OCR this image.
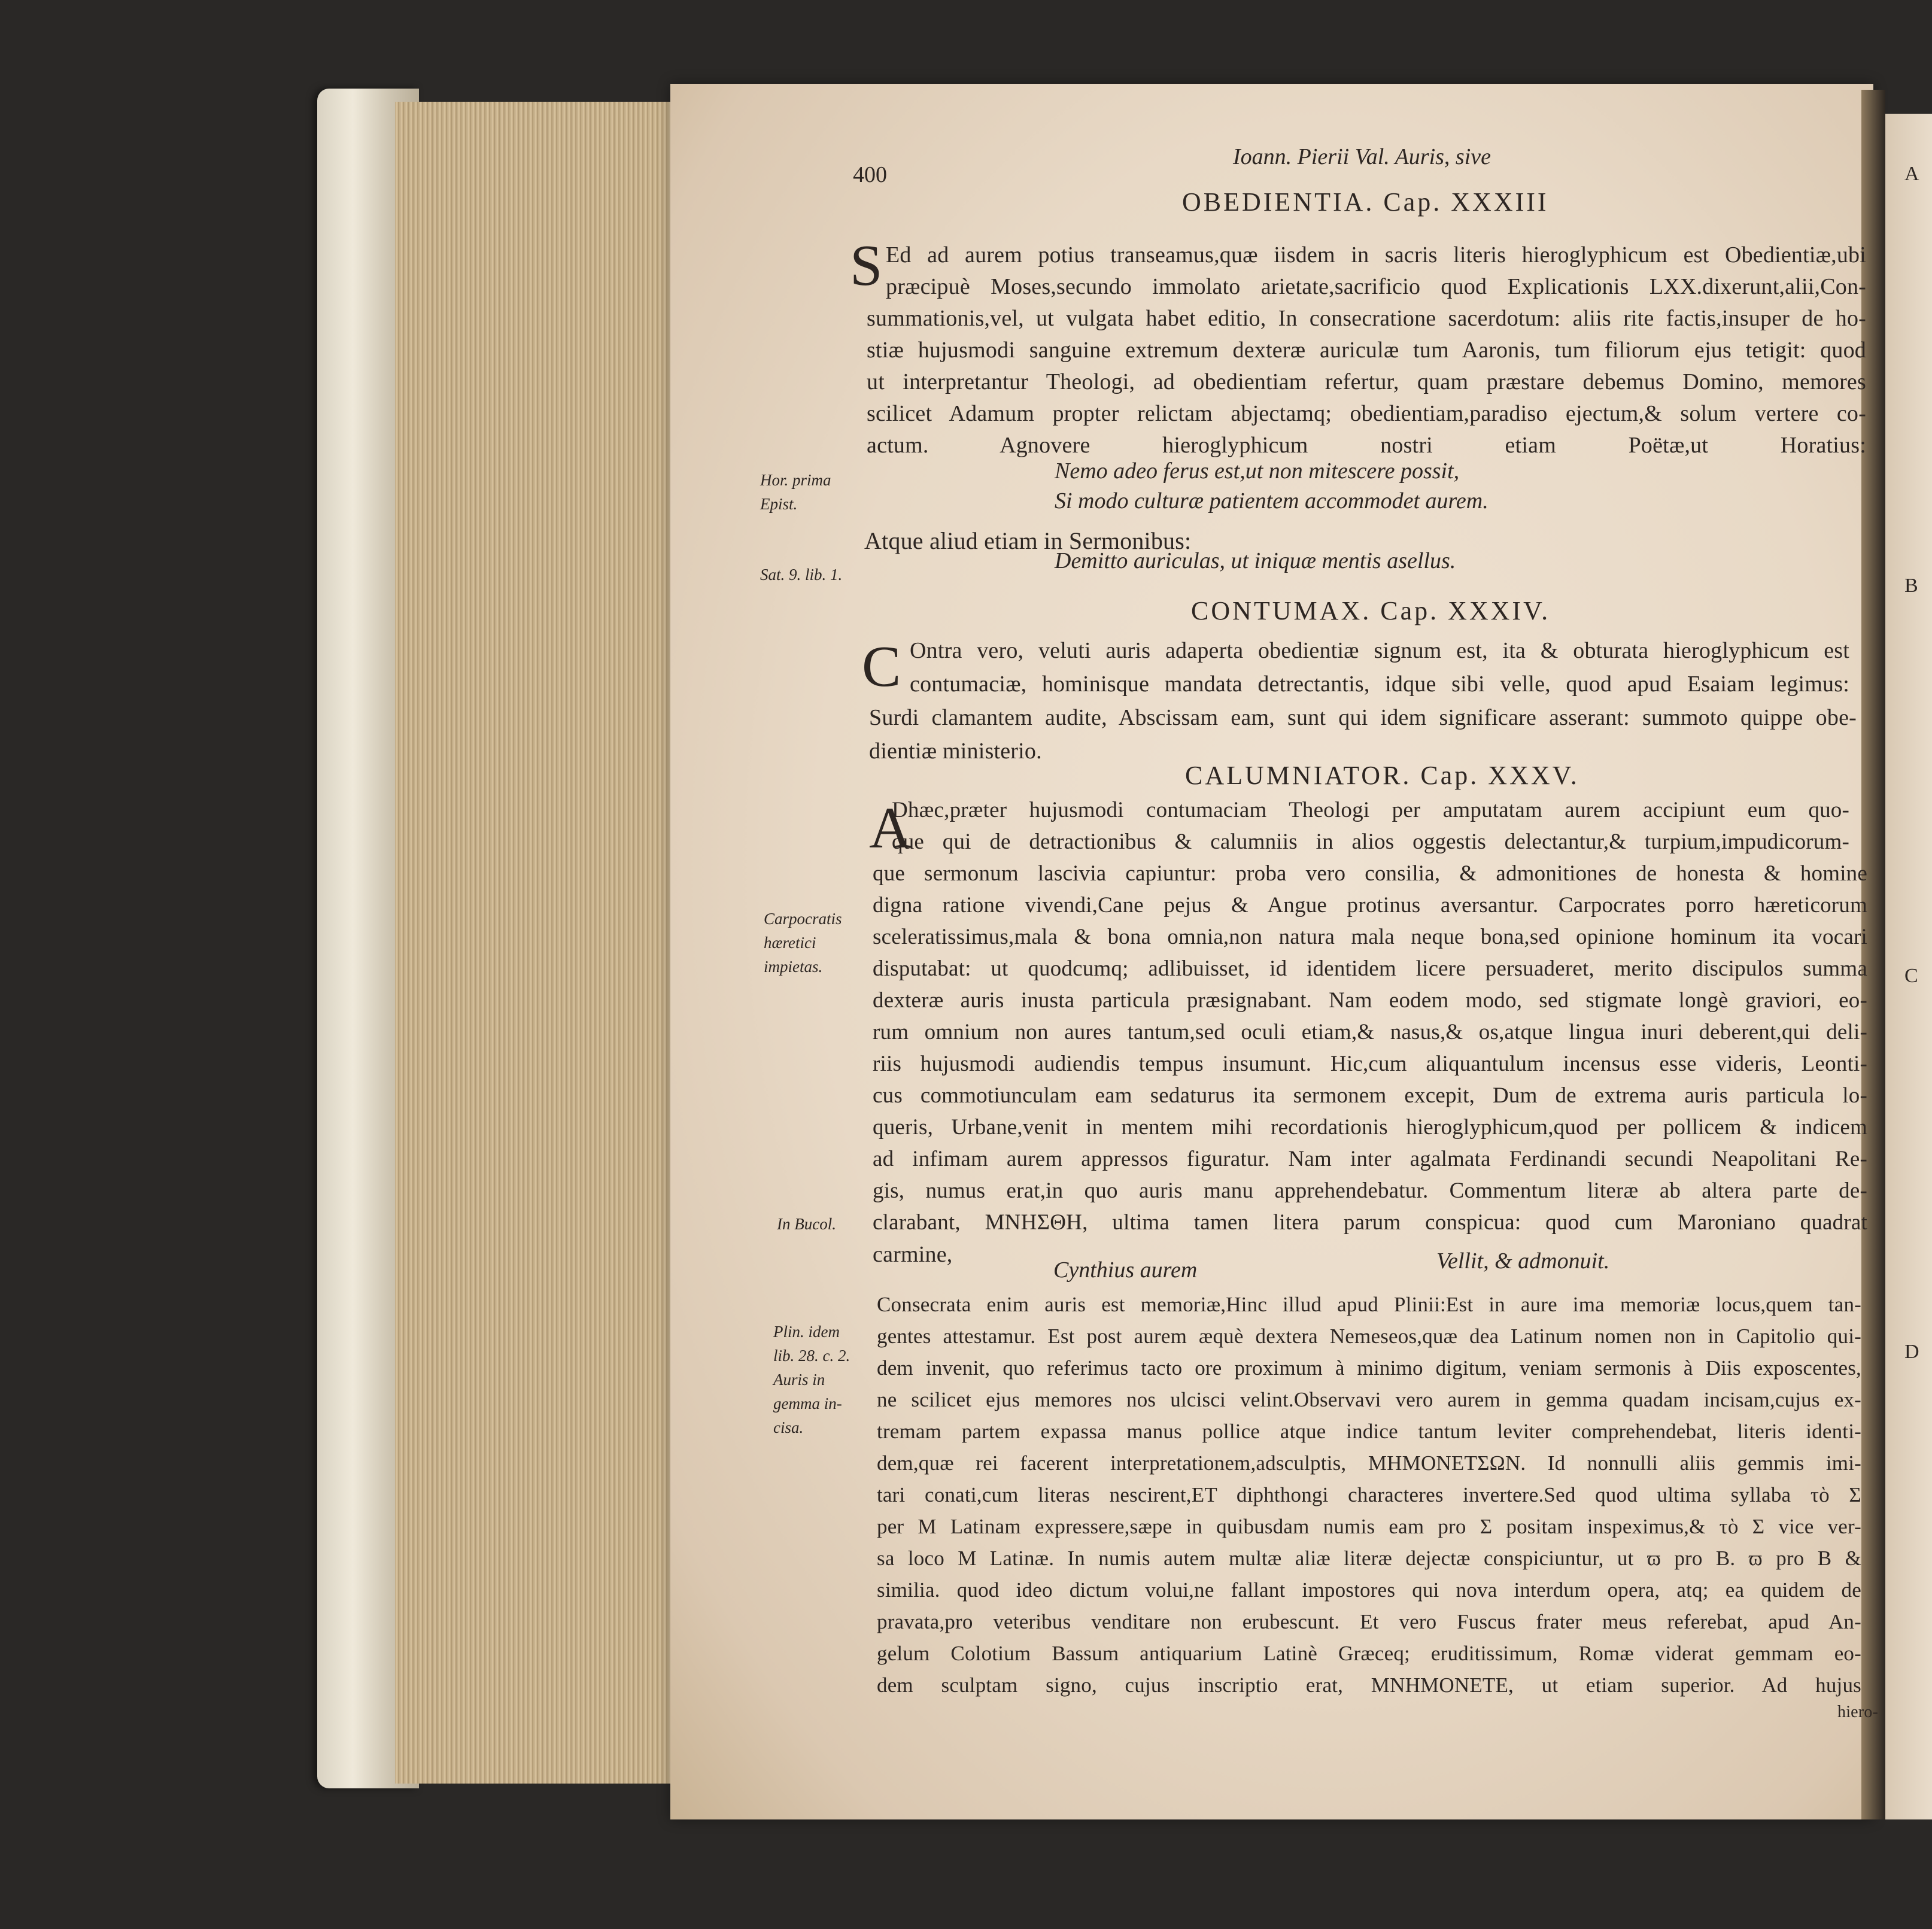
400
Ioann. Pierii Val. Auris, sive
OBEDIENTIA. Cap. XXXIII
S Ed ad aurem potius transeamus,quæ iisdem in sacris literis hieroglyphicum est Obedientiæ,ubi
præcipuè Moses,secundo immolato arietate,sacrificio quod Explicationis LXX.dixerunt,alii,Con-
summationis,vel, ut vulgata habet editio, In consecratione sacerdotum: aliis rite factis,insuper de ho-
stiæ hujusmodi sanguine extremum dexteræ auriculæ tum Aaronis, tum filiorum ejus tetigit: quod
ut interpretantur Theologi, ad obedientiam refertur, quam præstare debemus Domino, memores
scilicet Adamum propter relictam abjectamq; obedientiam,paradiso ejectum,& solum vertere co-
actum. Agnovere hieroglyphicum nostri etiam Poëtæ,ut Horatius:
Nemo adeo ferus est,ut non mitescere possit,
Si modo culturæ patientem accommodet aurem.
Hor. prima
Epist.
Atque aliud etiam in Sermonibus:
Demitto auriculas, ut iniquæ mentis asellus.
Sat. 9. lib. 1.
CONTUMAX. Cap. XXXIV.
C Ontra vero, veluti auris adaperta obedientiæ signum est, ita & obturata hieroglyphicum est
contumaciæ, hominisque mandata detrectantis, idque sibi velle, quod apud Esaiam legimus:
Surdi clamantem audite, Abscissam eam, sunt qui idem significare asserant: summoto quippe obe-
dientiæ ministerio.
CALUMNIATOR. Cap. XXXV.
A
Dhæc,præter hujusmodi contumaciam Theologi per amputatam aurem accipiunt eum quo-
que qui de detractionibus & calumniis in alios oggestis delectantur,& turpium,impudicorum-
que sermonum lascivia capiuntur: proba vero consilia, & admonitiones de honesta & homine
digna ratione vivendi,Cane pejus & Angue protinus aversantur. Carpocrates porro hæreticorum
sceleratissimus,mala & bona omnia,non natura mala neque bona,sed opinione hominum ita vocari
disputabat: ut quodcumq; adlibuisset, id identidem licere persuaderet, merito discipulos summa
dexteræ auris inusta particula præsignabant. Nam eodem modo, sed stigmate longè graviori, eo-
rum omnium non aures tantum,sed oculi etiam,& nasus,& os,atque lingua inuri deberent,qui deli-
riis hujusmodi audiendis tempus insumunt. Hic,cum aliquantulum incensus esse videris, Leonti-
cus commotiunculam eam sedaturus ita sermonem excepit, Dum de extrema auris particula lo-
queris, Urbane,venit in mentem mihi recordationis hieroglyphicum,quod per pollicem & indicem
ad infimam aurem appressos figuratur. Nam inter agalmata Ferdinandi secundi Neapolitani Re-
gis, numus erat,in quo auris manu apprehendebatur. Commentum literæ ab altera parte de-
clarabant, ΜΝΗΣΘΗ, ultima tamen litera parum conspicua: quod cum Maroniano quadrat
carmine,
Cynthius aurem	Vellit, & admonuit.
Consecrata enim auris est memoriæ,Hinc illud apud Plinii:Est in aure ima memoriæ locus,quem tan-
gentes attestamur. Est post aurem æquè dextera Nemeseos,quæ dea Latinum nomen non in Capitolio qui-
dem invenit, quo referimus tacto ore proximum à minimo digitum, veniam sermonis à Diis exposcentes,
ne scilicet ejus memores nos ulcisci velint.Observavi vero aurem in gemma quadam incisam,cujus ex-
tremam partem expassa manus pollice atque indice tantum leviter comprehendebat, literis identi-
dem,quæ rei facerent interpretationem,adsculptis, ΜΗΜΟΝΕΤΣΩΝ. Id nonnulli aliis gemmis imi-
tari conati,cum literas nescirent,ET diphthongi characteres invertere.Sed quod ultima syllaba τὸ Σ
per M Latinam expressere,sæpe in quibusdam numis eam pro Σ positam inspeximus,& τὸ Σ vice ver-
sa loco M Latinæ. In numis autem multæ aliæ literæ dejectæ conspiciuntur, ut ϖ pro B. ϖ pro B &
similia. quod ideo dictum volui,ne fallant impostores qui nova interdum opera, atq; ea quidem de
pravata,pro veteribus venditare non erubescunt. Et vero Fuscus frater meus referebat, apud An-
gelum Colotium Bassum antiquarium Latinè Græceq; eruditissimum, Romæ viderat gemmam eo-
dem sculptam signo, cujus inscriptio erat, ΜΝΗΜΟΝΕΤΕ, ut etiam superior. Ad hujus
hiero-
Carpocratis
hæretici
impietas.
In Bucol.
Plin. idem
lib. 28. c. 2.
Auris in
gemma in-
cisa.
A
B
C
D
